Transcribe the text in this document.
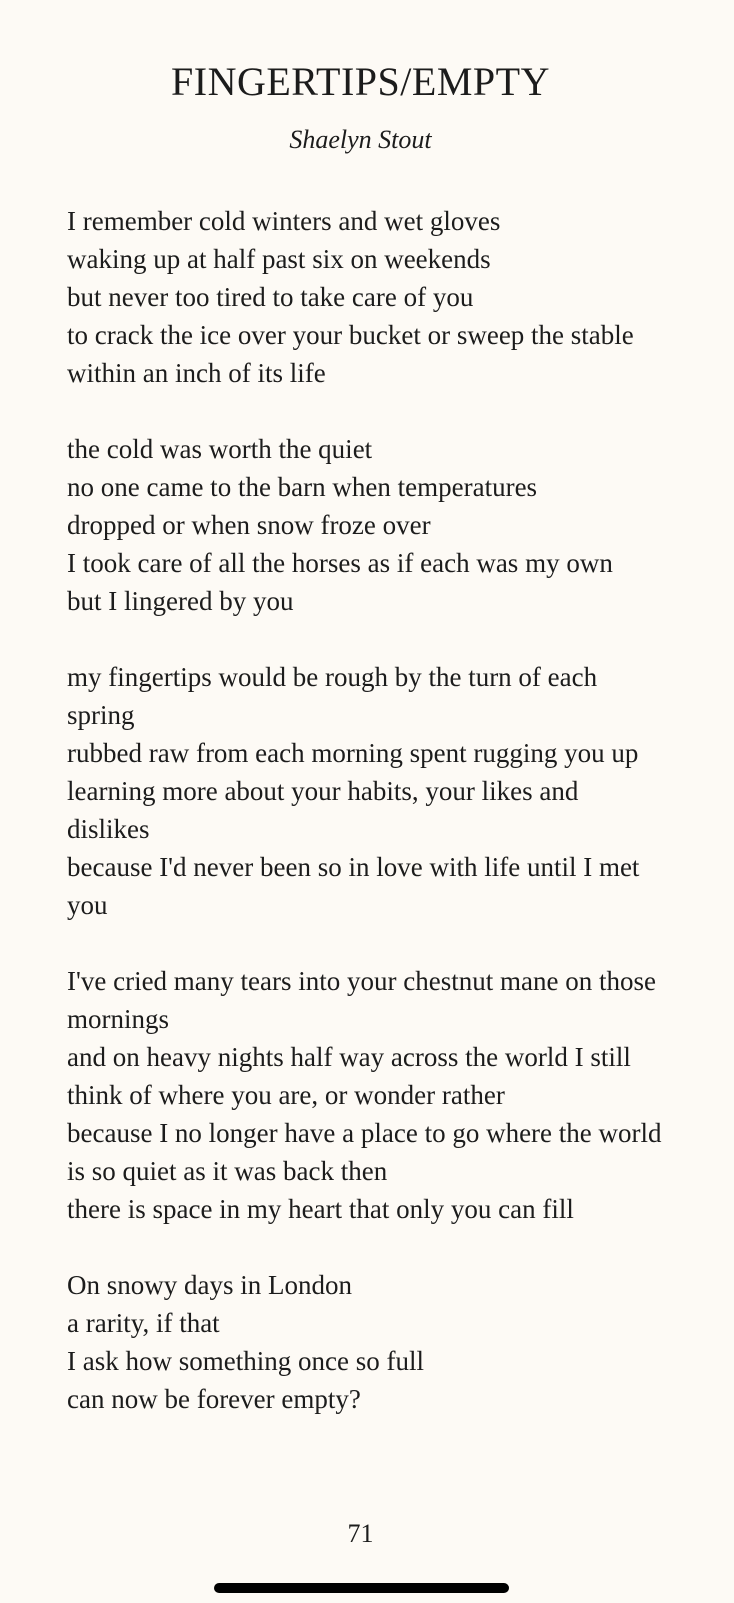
FINGERTIPS/EMPTY
Shaelyn Stout
I remember cold winters and wet gloves
waking up at half past six on weekends
but never too tired to take care of you
to crack the ice over your bucket or sweep the stable
within an inch of its life
the cold was worth the quiet
no one came to the barn when temperatures
dropped or when snow froze over
I took care of all the horses as if each was my own
but I lingered by you
my fingertips would be rough by the turn of each spring
rubbed raw from each morning spent rugging you up
learning more about your habits, your likes and dislikes
because I'd never been so in love with life until I met you
I've cried many tears into your chestnut mane on those mornings
and on heavy nights half way across the world I still think of where you are, or wonder rather
because I no longer have a place to go where the world is so quiet as it was back then
there is space in my heart that only you can fill
On snowy days in London
a rarity, if that
I ask how something once so full
can now be forever empty?
71
